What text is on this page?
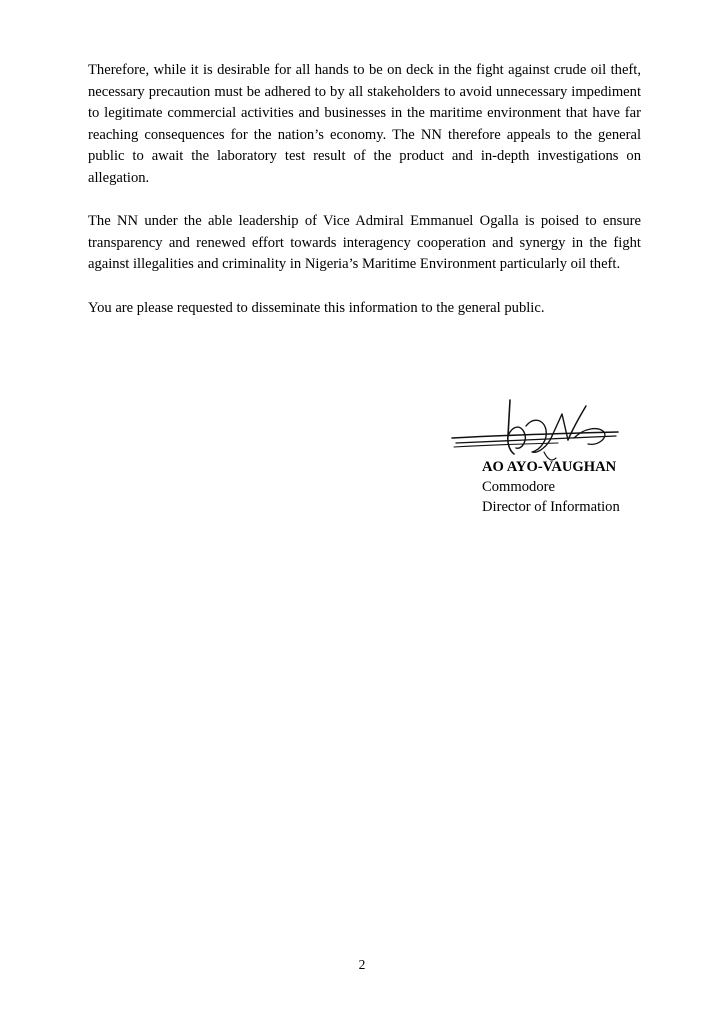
Therefore, while it is desirable for all hands to be on deck in the fight against crude oil theft, necessary precaution must be adhered to by all stakeholders to avoid unnecessary impediment to legitimate commercial activities and businesses in the maritime environment that have far reaching consequences for the nation’s economy. The NN therefore appeals to the general public to await the laboratory test result of the product and in-depth investigations on allegation.

The NN under the able leadership of Vice Admiral Emmanuel Ogalla is poised to ensure transparency and renewed effort towards interagency cooperation and synergy in the fight against illegalities and criminality in Nigeria’s Maritime Environment particularly oil theft.

You are please requested to disseminate this information to the general public.

AO AYO-VAUGHAN
Commodore
Director of Information
2
